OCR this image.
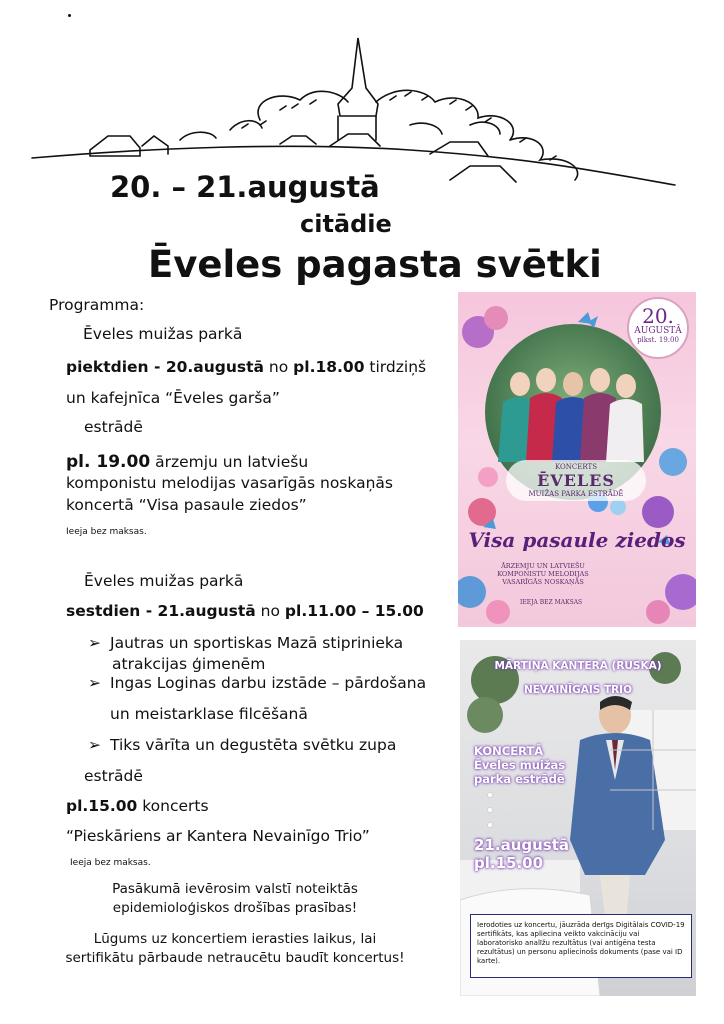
20. – 21.augustā
citādie
Ēveles pagasta svētki
Programma:
Ēveles muižas parkā
piektdien - 20.augustā no pl.18.00 tirdziņš
un kafejnīca “Ēveles garša”
estrādē
pl. 19.00 ārzemju un latviešu
komponistu melodijas vasarīgās noskaņās
koncertā “Visa pasaule ziedos”
Ieeja bez maksas.
Ēveles muižas parkā
sestdien - 21.augustā no pl.11.00 – 15.00
➢ Jautras un sportiskas Mazā stiprinieka
atrakcijas ģimenēm
➢ Ingas Loginas darbu izstāde – pārdošana
un meistarklase filcēšanā
➢ Tiks vārīta un degustēta svētku zupa
estrādē
pl.15.00 koncerts
“Pieskāriens ar Kantera Nevainīgo Trio”
Ieeja bez maksas.
Pasākumā ievērosim valstī noteiktās
epidemioloģiskos drošības prasības!
Lūgums uz koncertiem ierasties laikus, lai
sertifikātu pārbaude netraucētu baudīt koncertus!
20.
AUGUSTĀ
plkst. 19.00
KONCERTS
ĒVELES
MUIŽAS PARKA ESTRĀDĒ
Visa pasaule ziedos
ĀRZEMJU UN LATVIEŠU KOMPONISTU MELODIJAS VASARĪGĀS NOSKAŅĀS
IEEJA BEZ MAKSAS
MĀRTIŅA KANTERA (RUSKA)
NEVAINĪGAIS TRIO
KONCERTĀ
Ēveles muižas
parka estrādē
21.augustā
pl.15.00
Ierodoties uz koncertu, jāuzrāda derīgs Digitālais COVID-19 sertifikāts, kas apliecina veikto vakcināciju vai laboratorisko analīžu rezultātus (vai antigēna testa rezultātus) un personu apliecinošs dokuments (pase vai ID karte).
